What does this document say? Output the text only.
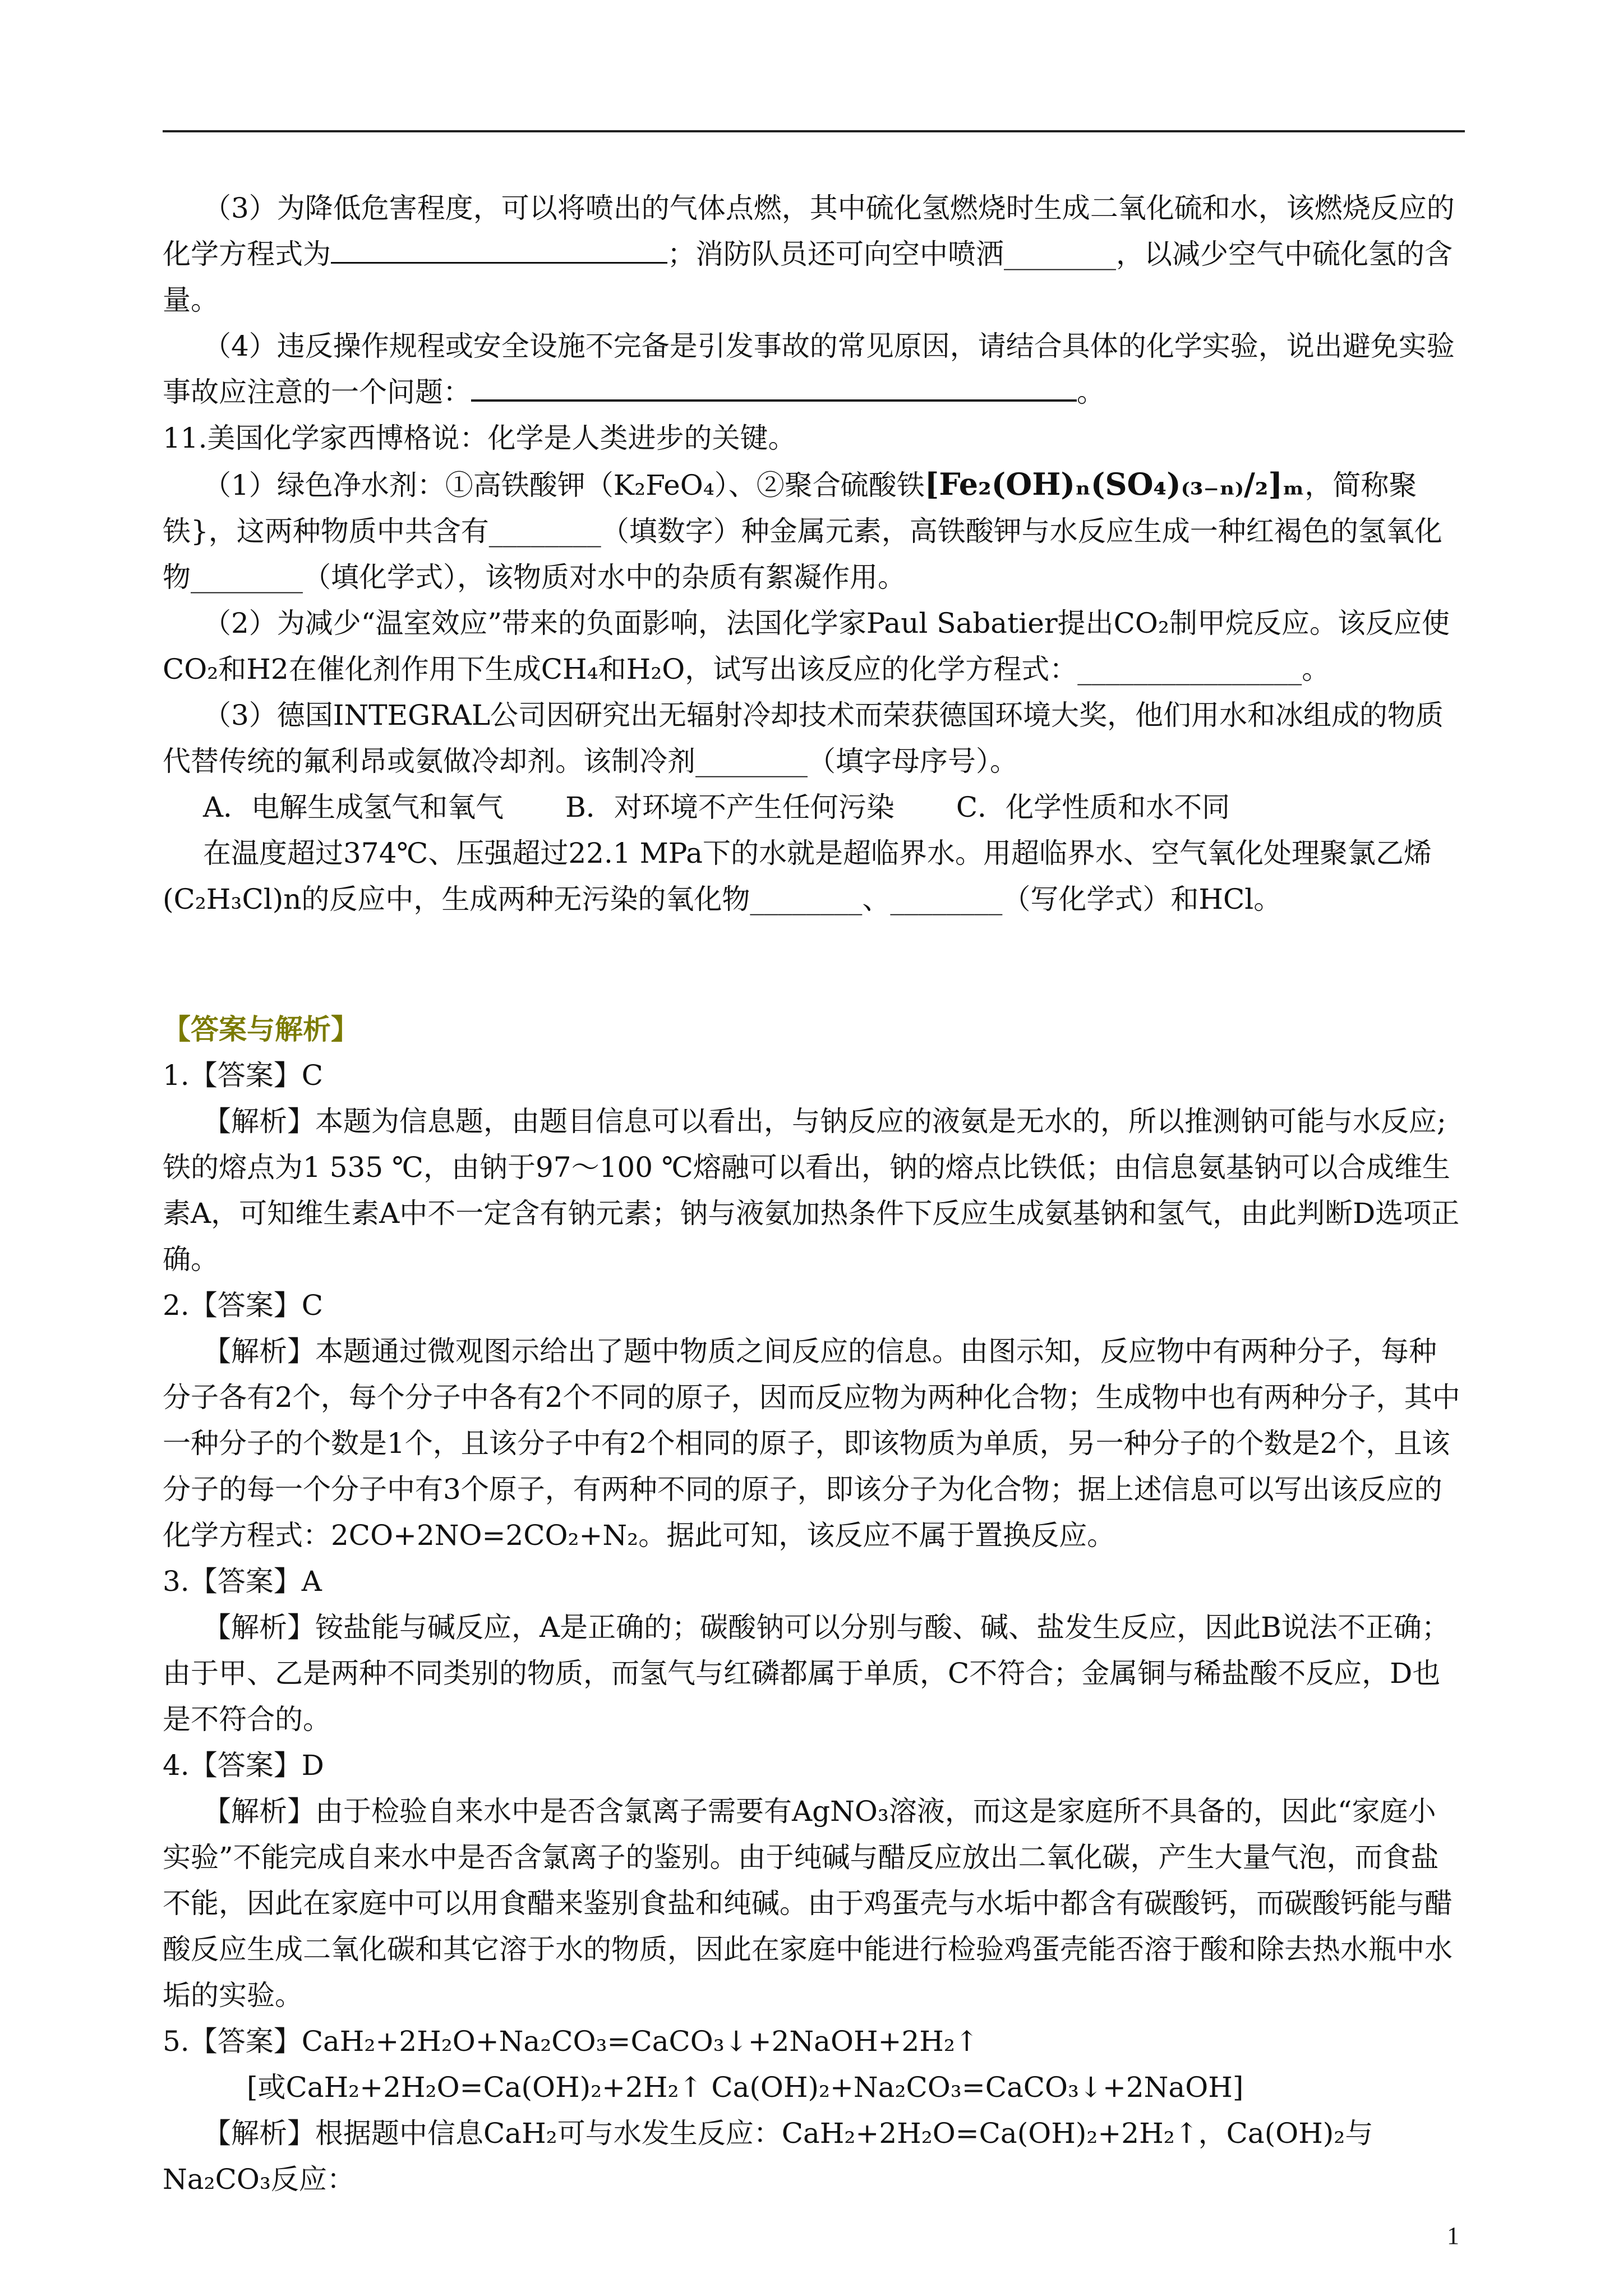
（3）为降低危害程度，可以将喷出的气体点燃，其中硫化氢燃烧时生成二氧化硫和水，该燃烧反应的化学方程式为	；消防队员还可向空中喷洒________，以减少空气中硫化氢的含量。

（4）违反操作规程或安全设施不完备是引发事故的常见原因，请结合具体的化学实验，说出避免实验事故应注意的一个问题：	。

11.美国化学家西博格说：化学是人类进步的关键。

（1）绿色净水剂：①高铁酸钾（K₂FeO₄）、②聚合硫酸铁[Fe₂(OH)ₙ(SO₄)₍₃₋ₙ₎/₂]ₘ，简称聚铁}，这两种物质中共含有________（填数字）种金属元素，高铁酸钾与水反应生成一种红褐色的氢氧化物________（填化学式），该物质对水中的杂质有絮凝作用。

（2）为减少“温室效应”带来的负面影响，法国化学家Paul Sabatier提出CO₂制甲烷反应。该反应使CO₂和H2在催化剂作用下生成CH₄和H₂O，试写出该反应的化学方程式：________________。

（3）德国INTEGRAL公司因研究出无辐射冷却技术而荣获德国环境大奖，他们用水和冰组成的物质代替传统的氟利昂或氨做冷却剂。该制冷剂________（填字母序号）。

A．电解生成氢气和氧气 B．对环境不产生任何污染 C．化学性质和水不同

在温度超过374℃、压强超过22.1 MPa下的水就是超临界水。用超临界水、空气氧化处理聚氯乙烯(C₂H₃Cl)n的反应中，生成两种无污染的氧化物________、________（写化学式）和HCl。

【答案与解析】

1.【答案】C

【解析】本题为信息题，由题目信息可以看出，与钠反应的液氨是无水的，所以推测钠可能与水反应;铁的熔点为1 535 ℃，由钠于97～100 ℃熔融可以看出，钠的熔点比铁低；由信息氨基钠可以合成维生素A，可知维生素A中不一定含有钠元素；钠与液氨加热条件下反应生成氨基钠和氢气，由此判断D选项正确。

2.【答案】C

【解析】本题通过微观图示给出了题中物质之间反应的信息。由图示知，反应物中有两种分子，每种分子各有2个，每个分子中各有2个不同的原子，因而反应物为两种化合物；生成物中也有两种分子，其中一种分子的个数是1个，且该分子中有2个相同的原子，即该物质为单质，另一种分子的个数是2个，且该分子的每一个分子中有3个原子，有两种不同的原子，即该分子为化合物；据上述信息可以写出该反应的化学方程式：2CO+2NO=2CO₂+N₂。据此可知，该反应不属于置换反应。

3.【答案】A

【解析】铵盐能与碱反应，A是正确的；碳酸钠可以分别与酸、碱、盐发生反应，因此B说法不正确；由于甲、乙是两种不同类别的物质，而氢气与红磷都属于单质，C不符合；金属铜与稀盐酸不反应，D也是不符合的。

4.【答案】D

【解析】由于检验自来水中是否含氯离子需要有AgNO₃溶液，而这是家庭所不具备的，因此“家庭小实验”不能完成自来水中是否含氯离子的鉴别。由于纯碱与醋反应放出二氧化碳，产生大量气泡，而食盐不能，因此在家庭中可以用食醋来鉴别食盐和纯碱。由于鸡蛋壳与水垢中都含有碳酸钙，而碳酸钙能与醋酸反应生成二氧化碳和其它溶于水的物质，因此在家庭中能进行检验鸡蛋壳能否溶于酸和除去热水瓶中水垢的实验。

5.【答案】CaH₂+2H₂O+Na₂CO₃=CaCO₃↓+2NaOH+2H₂↑

[或CaH₂+2H₂O=Ca(OH)₂+2H₂↑ Ca(OH)₂+Na₂CO₃=CaCO₃↓+2NaOH]

【解析】根据题中信息CaH₂可与水发生反应：CaH₂+2H₂O=Ca(OH)₂+2H₂↑，Ca(OH)₂与Na₂CO₃反应：

1
